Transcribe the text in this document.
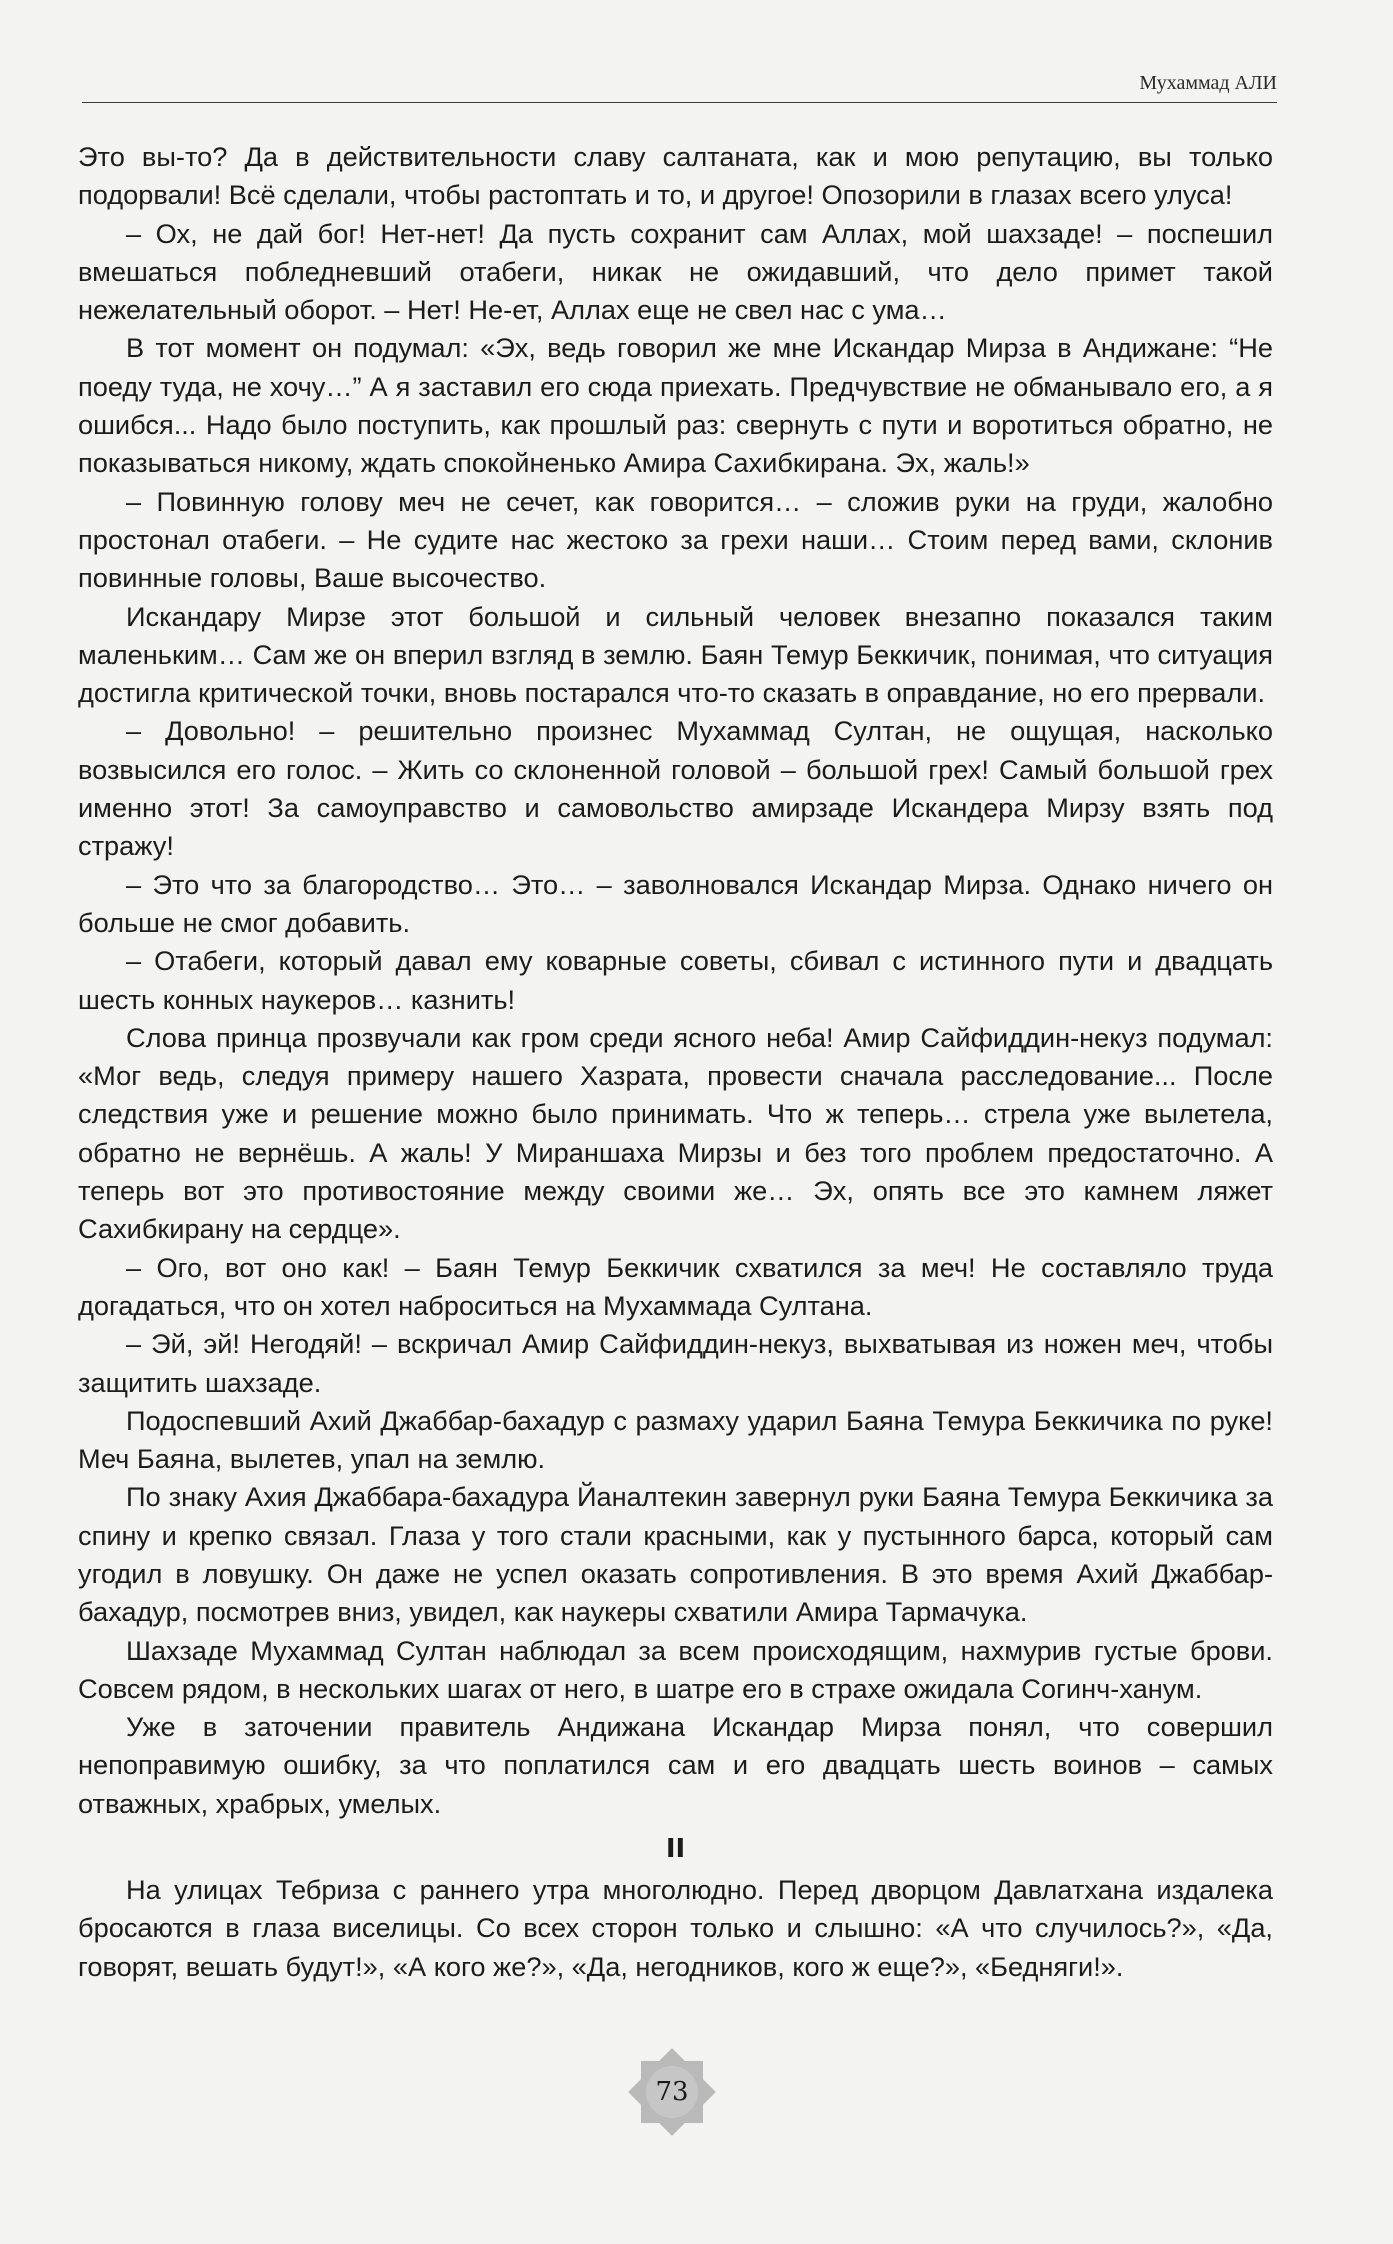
Мухаммад АЛИ

Это вы-то? Да в действительности славу салтаната, как и мою репутацию, вы только подорвали! Всё сделали, чтобы растоптать и то, и другое! Опозорили в глазах всего улуса!

– Ох, не дай бог! Нет-нет! Да пусть сохранит сам Аллах, мой шахзаде! – поспешил вмешаться побледневший отабеги, никак не ожидавший, что дело примет такой нежелательный оборот. – Нет! Не-ет, Аллах еще не свел нас с ума…

В тот момент он подумал: «Эх, ведь говорил же мне Искандар Мирза в Андижане: “Не поеду туда, не хочу…” А я заставил его сюда приехать. Предчувствие не обманывало его, а я ошибся... Надо было поступить, как прошлый раз: свернуть с пути и воротиться обратно, не показываться никому, ждать спокойненько Амира Сахибкирана. Эх, жаль!»

– Повинную голову меч не сечет, как говорится… – сложив руки на груди, жалобно простонал отабеги. – Не судите нас жестоко за грехи наши… Стоим перед вами, склонив повинные головы, Ваше высочество.

Искандару Мирзе этот большой и сильный человек внезапно показался таким маленьким… Сам же он вперил взгляд в землю. Баян Темур Беккичик, понимая, что ситуация достигла критической точки, вновь постарался что-то сказать в оправдание, но его прервали.

– Довольно! – решительно произнес Мухаммад Султан, не ощущая, насколько возвысился его голос. – Жить со склоненной головой – большой грех! Самый большой грех именно этот! За самоуправство и самовольство амирзаде Искандера Мирзу взять под стражу!

– Это что за благородство… Это… – заволновался Искандар Мирза. Однако ничего он больше не смог добавить.

– Отабеги, который давал ему коварные советы, сбивал с истинного пути и двадцать шесть конных наукеров… казнить!

Слова принца прозвучали как гром среди ясного неба! Амир Сайфиддин-некуз подумал: «Мог ведь, следуя примеру нашего Хазрата, провести сначала расследование... После следствия уже и решение можно было принимать. Что ж теперь… стрела уже вылетела, обратно не вернёшь. А жаль! У Мираншаха Мирзы и без того проблем предостаточно. А теперь вот это противостояние между своими же… Эх, опять все это камнем ляжет Сахибкирану на сердце».

– Ого, вот оно как! – Баян Темур Беккичик схватился за меч! Не составляло труда догадаться, что он хотел наброситься на Мухаммада Султана.

– Эй, эй! Негодяй! – вскричал Амир Сайфиддин-некуз, выхватывая из ножен меч, чтобы защитить шахзаде.

Подоспевший Ахий Джаббар-бахадур с размаху ударил Баяна Темура Беккичика по руке! Меч Баяна, вылетев, упал на землю.

По знаку Ахия Джаббара-бахадура Йаналтекин завернул руки Баяна Темура Беккичика за спину и крепко связал. Глаза у того стали красными, как у пустынного барса, который сам угодил в ловушку. Он даже не успел оказать сопротивления. В это время Ахий Джаббар-бахадур, посмотрев вниз, увидел, как наукеры схватили Амира Тармачука.

Шахзаде Мухаммад Султан наблюдал за всем происходящим, нахмурив густые брови. Совсем рядом, в нескольких шагах от него, в шатре его в страхе ожидала Согинч-ханум.

Уже в заточении правитель Андижана Искандар Мирза понял, что совершил непоправимую ошибку, за что поплатился сам и его двадцать шесть воинов – самых отважных, храбрых, умелых.

II

На улицах Тебриза с раннего утра многолюдно. Перед дворцом Давлатхана издалека бросаются в глаза виселицы. Со всех сторон только и слышно: «А что случилось?», «Да, говорят, вешать будут!», «А кого же?», «Да, негодников, кого ж еще?», «Бедняги!».

73
